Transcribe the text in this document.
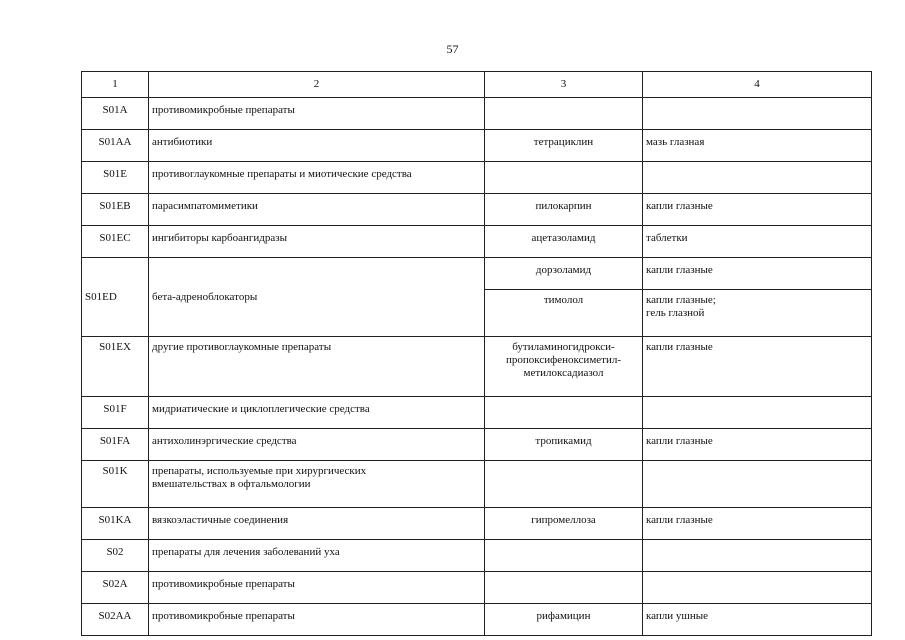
57
1	2	3	4
S01A	противомикробные препараты		
S01AA	антибиотики	тетрациклин	мазь глазная
S01E	противоглаукомные препараты и миотические средства		
S01EB	парасимпатомиметики	пилокарпин	капли глазные
S01EC	ингибиторы карбоангидразы	ацетазоламид	таблетки
S01ED	бета-адреноблокаторы	дорзоламид	капли глазные
		тимолол	капли глазные;
гель глазной

S01EX	другие противоглаукомные препараты	бутиламиногидрокси-
пропоксифеноксиметил-
метилоксадиазол	капли глазные
S01F	мидриатические и циклоплегические средства		
S01FA	антихолинэргические средства	тропикамид	капли глазные
S01K	препараты, используемые при хирургических
вмешательствах в офтальмологии		

S01KA	вязкоэластичные соединения	гипромеллоза	капли глазные
S02	препараты для лечения заболеваний уха		
S02A	противомикробные препараты		
S02AA	противомикробные препараты	рифамицин	капли ушные
